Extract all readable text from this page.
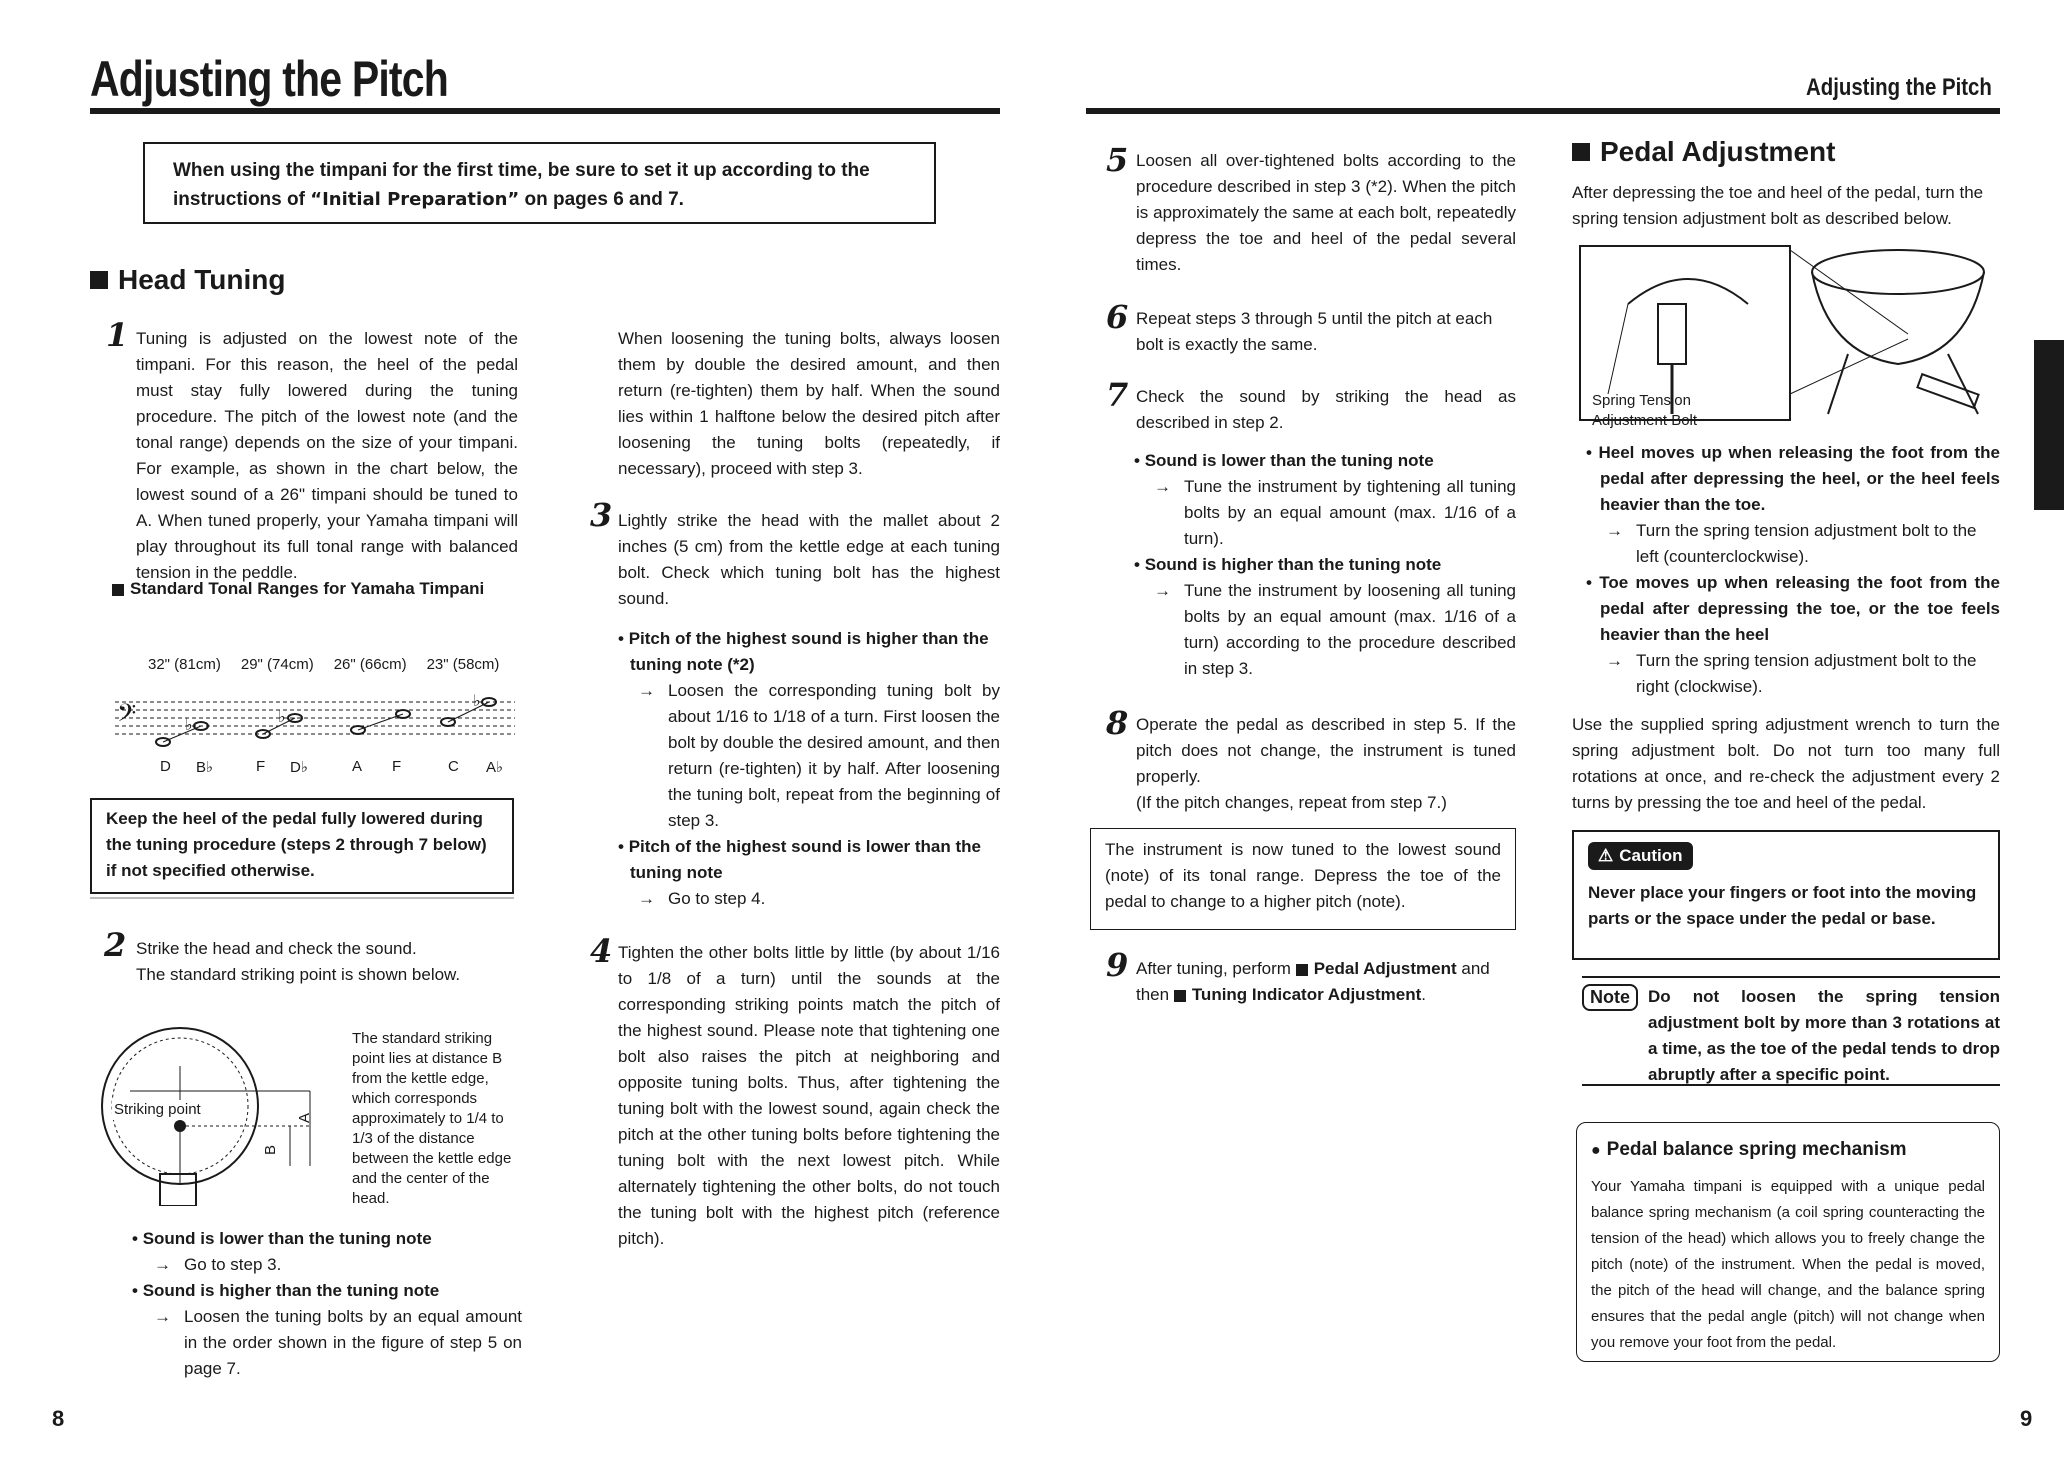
Adjusting the Pitch

When using the timpani for the first time, be sure to set it up according to the instructions of “Initial Preparation” on pages 6 and 7.

Head Tuning
1 Tuning is adjusted on the lowest note of the timpani. For this reason, the heel of the pedal must stay fully lowered during the tuning procedure. The pitch of the lowest note (and the tonal range) depends on the size of your timpani. For example, as shown in the chart below, the lowest sound of a 26" timpani should be tuned to A. When tuned properly, your Yamaha timpani will play throughout its full tonal range with balanced tension in the peddle.

Standard Tonal Ranges for Yamaha Timpani
32" (81cm) 29" (74cm) 26" (66cm) 23" (58cm)
𝄢	♭	♭
♭
D B♭	F D♭	A F	C A♭

Keep the heel of the pedal fully lowered during the tuning procedure (steps 2 through 7 below) if not specified otherwise.

2 Strike the head and check the sound.

The standard striking point is shown below.

Striking point	A
B

The standard striking point lies at distance B from the kettle edge, which corresponds approximately to 1/4 to 1/3 of the distance between the kettle edge and the center of the head.

• Sound is lower than the tuning note

→ Go to step 3.

• Sound is higher than the tuning note

→ Loosen the tuning bolts by an equal amount in the order shown in the figure of step 5 on page 7.

When loosening the tuning bolts, always loosen them by double the desired amount, and then return (re-tighten) them by half. When the sound lies within 1 halftone below the desired pitch after loosening the tuning bolts (repeatedly, if necessary), proceed with step 3.

3 Lightly strike the head with the mallet about 2 inches (5 cm) from the kettle edge at each tuning bolt. Check which tuning bolt has the highest sound.

• Pitch of the highest sound is higher than the tuning note (*2)

→ Loosen the corresponding tuning bolt by about 1/16 to 1/18 of a turn. First loosen the bolt by double the desired amount, and then return (re-tighten) it by half. After loosening the tuning bolt, repeat from the beginning of step 3.

• Pitch of the highest sound is lower than the tuning note

→ Go to step 4.

4 Tighten the other bolts little by little (by about 1/16 to 1/8 of a turn) until the sounds at the corresponding striking points match the pitch of the highest sound. Please note that tightening one bolt also raises the pitch at neighboring and opposite tuning bolts. Thus, after tightening the tuning bolt with the lowest sound, again check the pitch at the other tuning bolts before tightening the tuning bolt with the next lowest pitch. While alternately tightening the other bolts, do not touch the tuning bolt with the highest pitch (reference pitch).

8
Adjusting the Pitch
5 Loosen all over-tightened bolts according to the procedure described in step 3 (*2). When the pitch is approximately the same at each bolt, repeatedly depress the toe and heel of the pedal several times.

6 Repeat steps 3 through 5 until the pitch at each bolt is exactly the same.

7 Check the sound by striking the head as described in step 2.

• Sound is lower than the tuning note

→ Tune the instrument by tightening all tuning bolts by an equal amount (max. 1/16 of a turn).

• Sound is higher than the tuning note

→ Tune the instrument by loosening all tuning bolts by an equal amount (max. 1/16 of a turn) according to the procedure described in step 3.

8 Operate the pedal as described in step 5. If the pitch does not change, the instrument is tuned properly.

(If the pitch changes, repeat from step 7.)

The instrument is now tuned to the lowest sound (note) of its tonal range. Depress the toe of the pedal to change to a higher pitch (note).

9 After tuning, perform Pedal Adjustment and then Tuning Indicator Adjustment.

Pedal Adjustment

After depressing the toe and heel of the pedal, turn the spring tension adjustment bolt as described below.

Spring Tension Adjustment Bolt

• Heel moves up when releasing the foot from the pedal after depressing the heel, or the heel feels heavier than the toe.

→ Turn the spring tension adjustment bolt to the left (counterclockwise).

• Toe moves up when releasing the foot from the pedal after depressing the toe, or the toe feels heavier than the heel

→ Turn the spring tension adjustment bolt to the right (clockwise).

Use the supplied spring adjustment wrench to turn the spring adjustment bolt. Do not turn too many full rotations at once, and re-check the adjustment every 2 turns by pressing the toe and heel of the pedal.

⚠ Caution

Never place your fingers or foot into the moving parts or the space under the pedal or base.

Note	Do not loosen the spring tension adjustment bolt by more than 3 rotations at a time, as the toe of the pedal tends to drop abruptly after a specific point.

● Pedal balance spring mechanism

Your Yamaha timpani is equipped with a unique pedal balance spring mechanism (a coil spring counteracting the tension of the head) which allows you to freely change the pitch (note) of the instrument. When the pedal is moved, the pitch of the head will change, and the balance spring ensures that the pedal angle (pitch) will not change when you remove your foot from the pedal.

9
